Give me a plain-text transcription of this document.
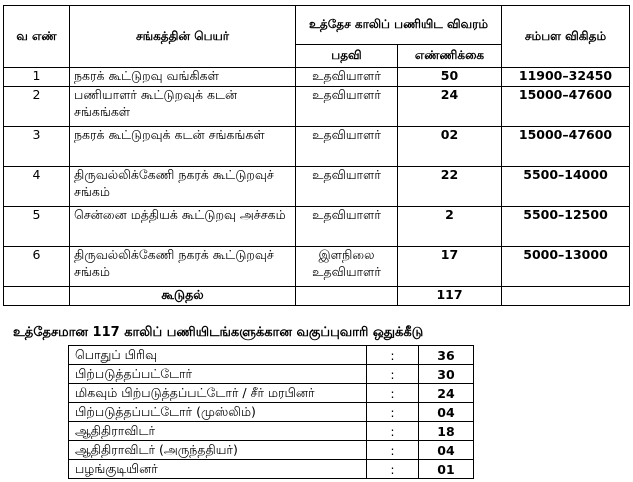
வ எண்	சங்கத்தின் பெயர்	உத்தேச காலிப் பணியிட விவரம்		சம்பள விகிதம்
		பதவி	எண்ணிக்கை	
1	நகரக் கூட்டுறவு வங்கிகள்	உதவியாளர்	50	11900–32450
2	பணியாளர் கூட்டுறவுக் கடன் சங்கங்கள்	உதவியாளர்	24	15000–47600
3	நகரக் கூட்டுறவுக் கடன் சங்கங்கள்	உதவியாளர்	02	15000–47600
4	திருவல்லிக்கேணி நகரக் கூட்டுறவுச் சங்கம்	உதவியாளர்	22	5500–14000
5	சென்னை மத்தியக் கூட்டுறவு அச்சகம்	உதவியாளர்	2	5500–12500
6	திருவல்லிக்கேணி நகரக் கூட்டுறவுச் சங்கம்	இளநிலை உதவியாளர்	17	5000–13000
	கூடுதல்		117	
உத்தேசமான 117 காலிப் பணியிடங்களுக்கான வகுப்புவாரி ஒதுக்கீடு
பொதுப் பிரிவு	:	36
பிற்படுத்தப்பட்டோர்	:	30
மிகவும் பிற்படுத்தப்பட்டோர் / சீர் மரபினர்	:	24
பிற்படுத்தப்பட்டோர் (முஸ்லிம்)	:	04
ஆதிதிராவிடர்	:	18
ஆதிதிராவிடர் (அருந்ததியர்)	:	04
பழங்குடியினர்	:	01
